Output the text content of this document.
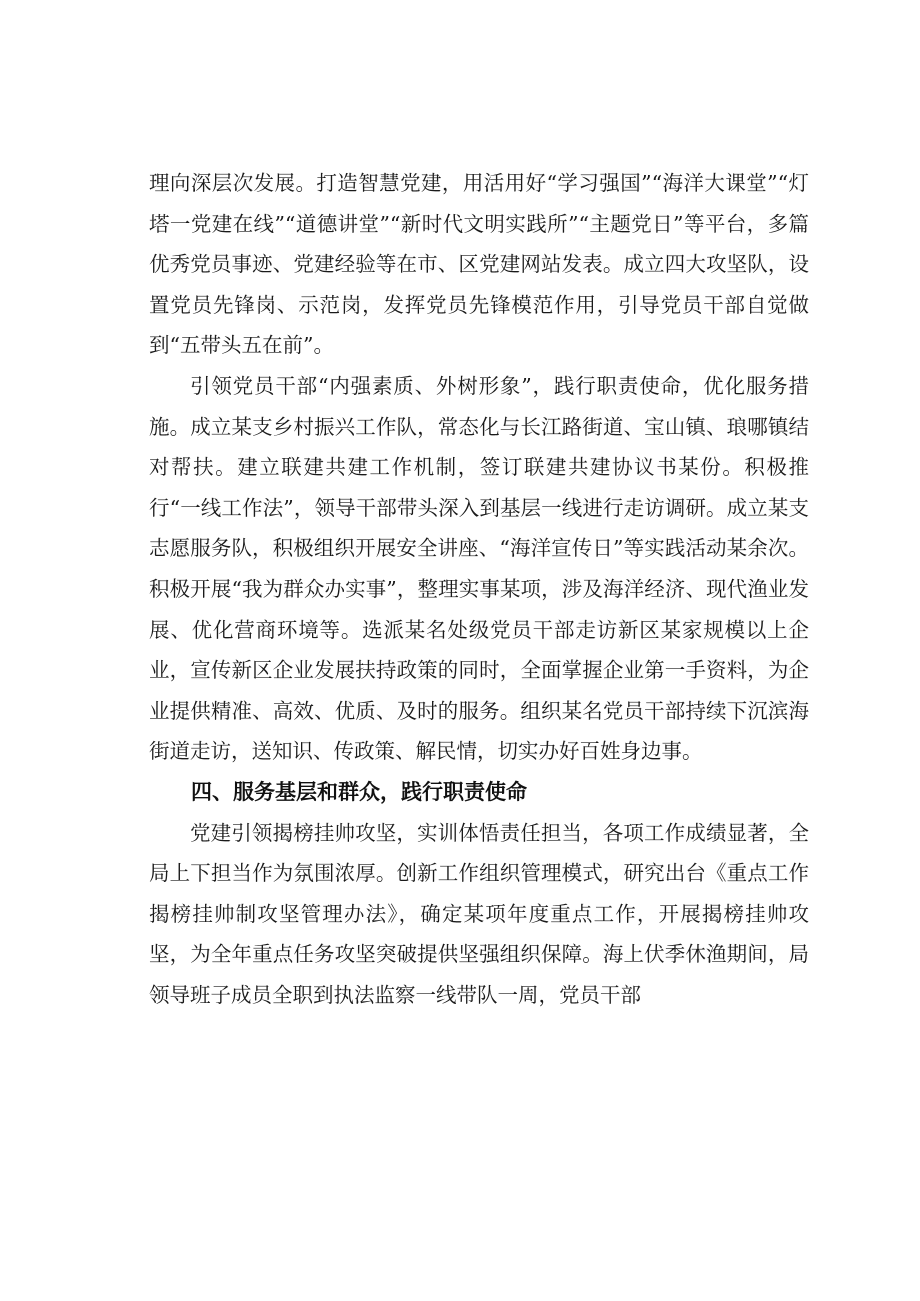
理向深层次发展。打造智慧党建，用活用好“学习强国”“海洋大课堂”“灯塔一党建在线”“道德讲堂”“新时代文明实践所”“主题党日”等平台，多篇优秀党员事迹、党建经验等在市、区党建网站发表。成立四大攻坚队，设置党员先锋岗、示范岗，发挥党员先锋模范作用，引导党员干部自觉做到“五带头五在前”。

引领党员干部“内强素质、外树形象”，践行职责使命，优化服务措施。成立某支乡村振兴工作队，常态化与长江路街道、宝山镇、琅哪镇结对帮扶。建立联建共建工作机制，签订联建共建协议书某份。积极推行“一线工作法”，领导干部带头深入到基层一线进行走访调研。成立某支志愿服务队，积极组织开展安全讲座、“海洋宣传日”等实践活动某余次。积极开展“我为群众办实事”，整理实事某项，涉及海洋经济、现代渔业发展、优化营商环境等。选派某名处级党员干部走访新区某家规模以上企业，宣传新区企业发展扶持政策的同时，全面掌握企业第一手资料，为企业提供精准、高效、优质、及时的服务。组织某名党员干部持续下沉滨海街道走访，送知识、传政策、解民情，切实办好百姓身边事。

四、服务基层和群众，践行职责使命

党建引领揭榜挂帅攻坚，实训体悟责任担当，各项工作成绩显著，全局上下担当作为氛围浓厚。创新工作组织管理模式，研究出台《重点工作揭榜挂帅制攻坚管理办法》，确定某项年度重点工作，开展揭榜挂帅攻坚，为全年重点任务攻坚突破提供坚强组织保障。海上伏季休渔期间，局领导班子成员全职到执法监察一线带队一周，党员干部
